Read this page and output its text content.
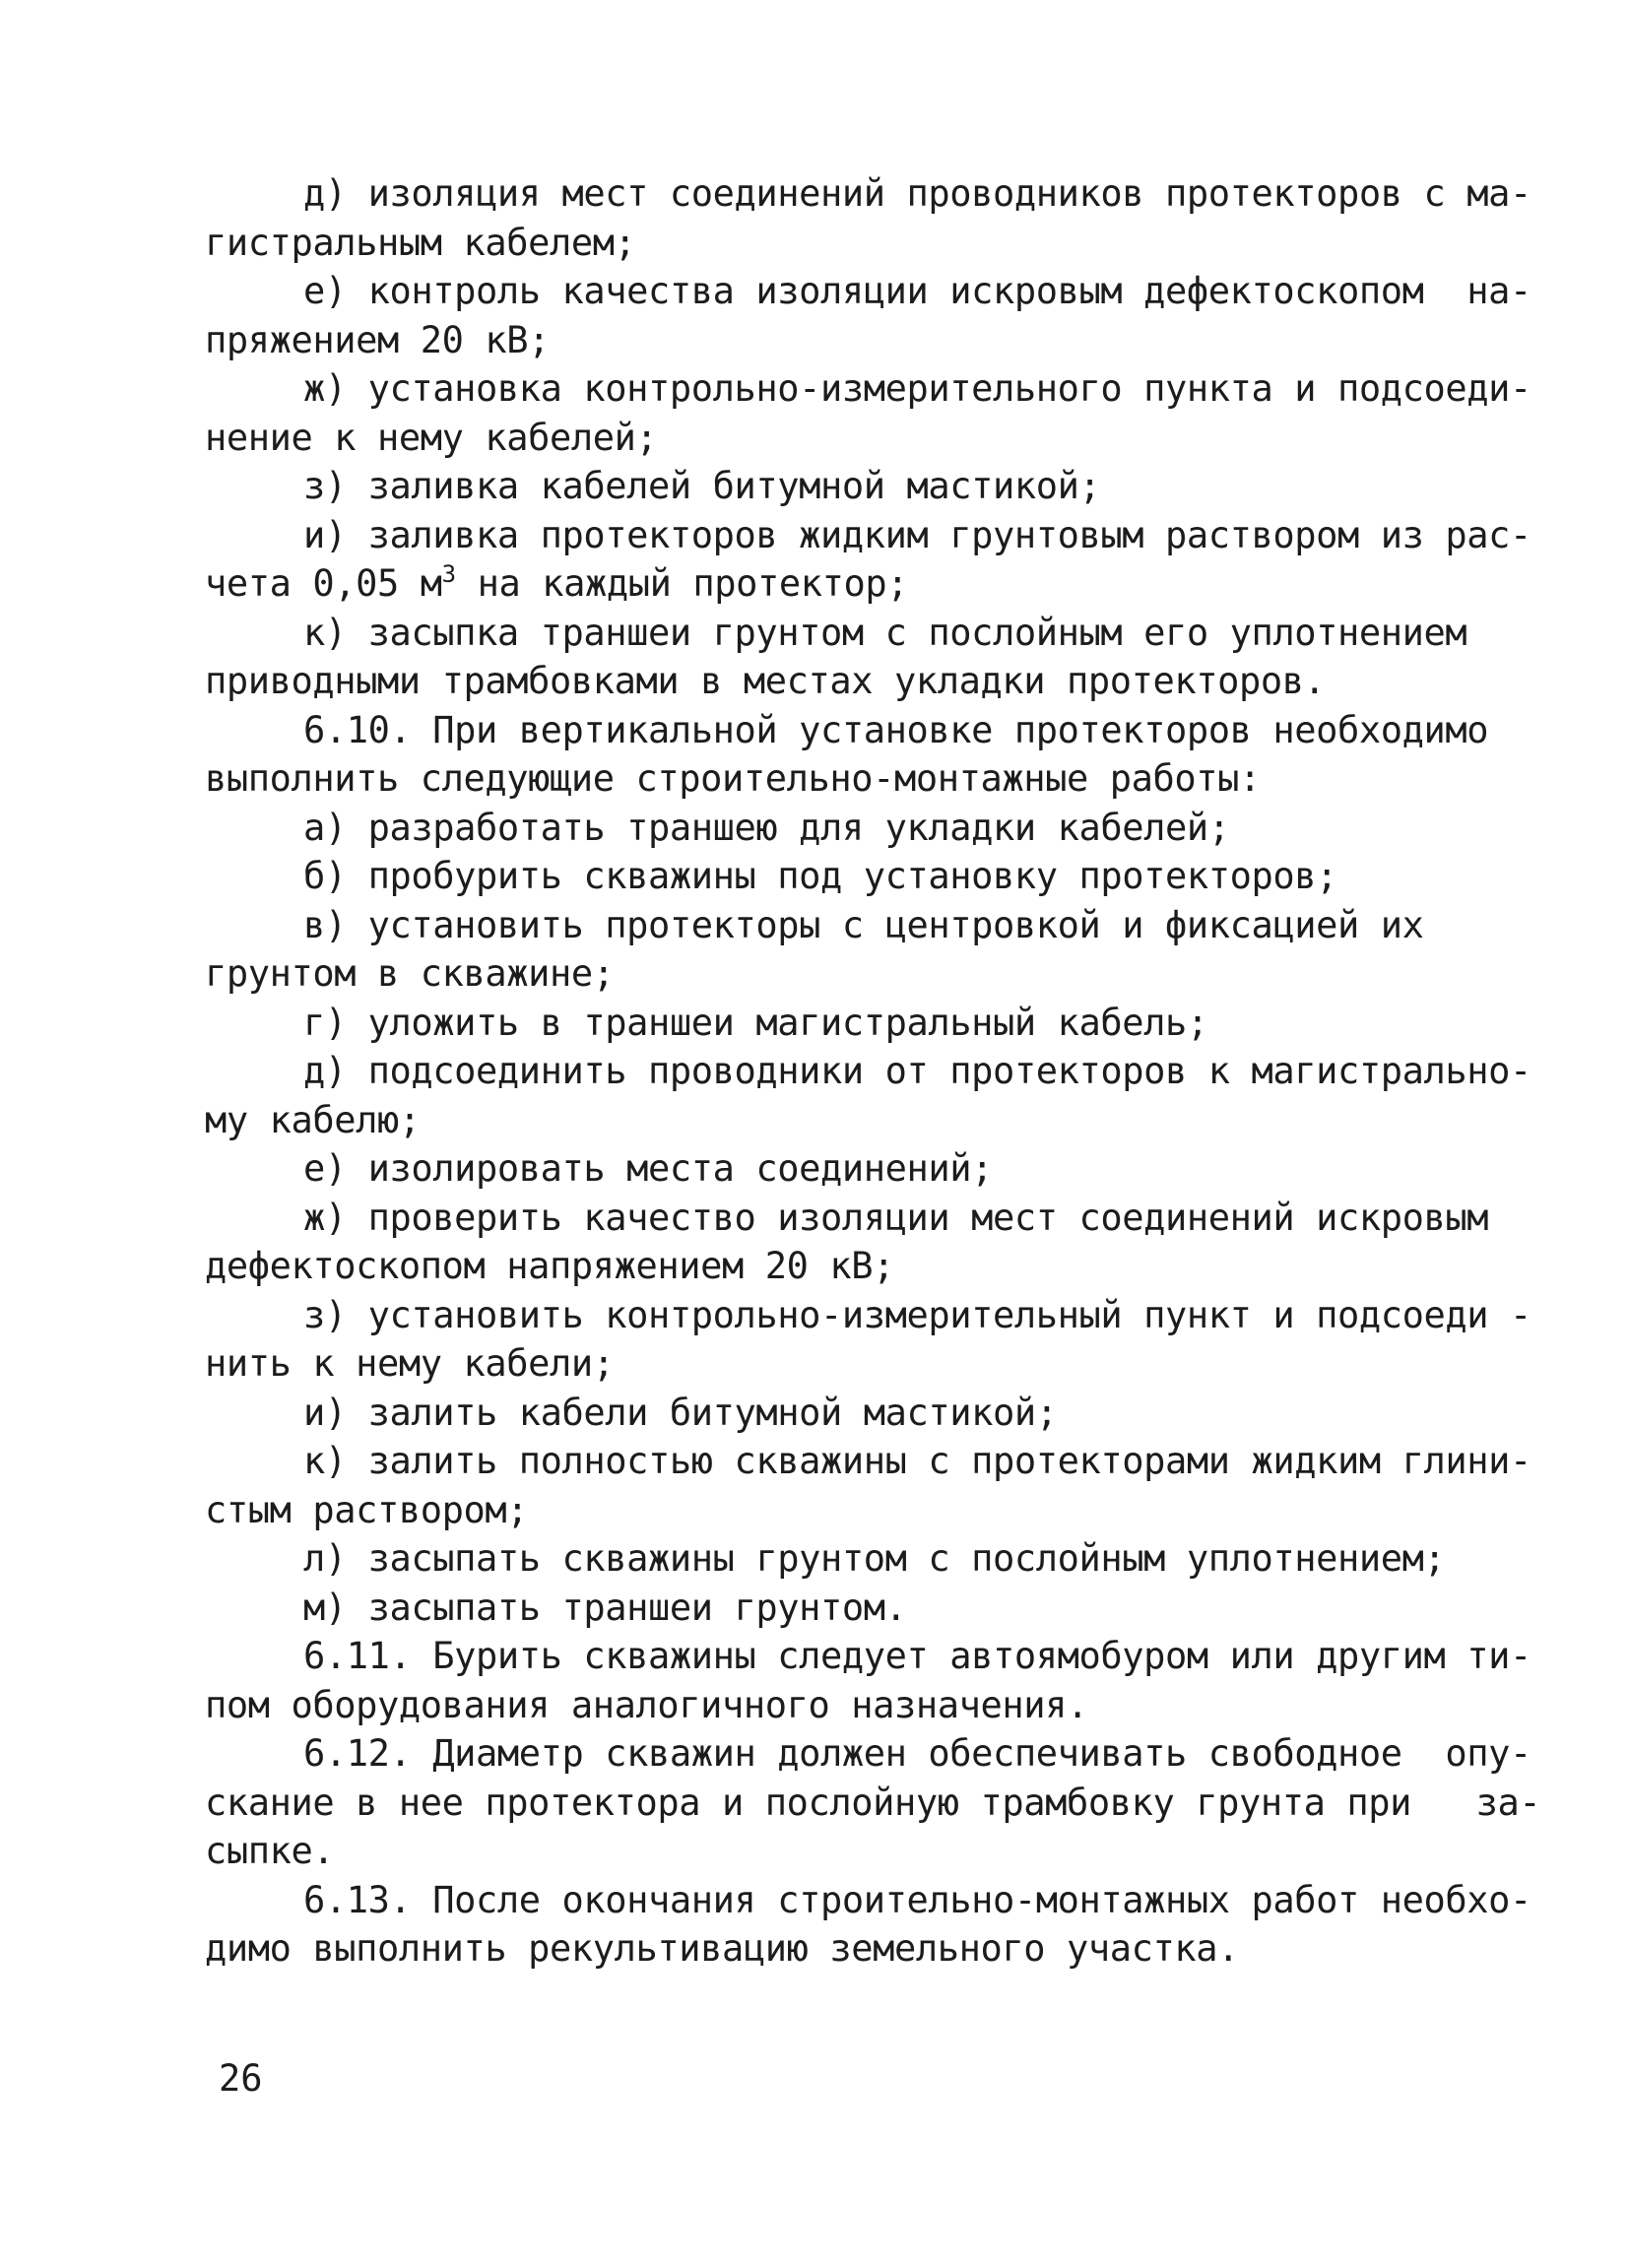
д) изоляция мест соединений проводников протекторов с ма-
гистральным кабелем;
е) контроль качества изоляции искровым дефектоскопом  на-
пряжением 20 кВ;
ж) установка контрольно-измерительного пункта и подсоеди-
нение к нему кабелей;
з) заливка кабелей битумной мастикой;
и) заливка протекторов жидким грунтовым раствором из рас-
чета 0,05 $м^3$ на каждый протектор;
к) засыпка траншеи грунтом с послойным его уплотнением
приводными трамбовками в местах укладки протекторов.
6.10. При вертикальной установке протекторов необходимо
выполнить следующие строительно-монтажные работы:
а) разработать траншею для укладки кабелей;
б) пробурить скважины под установку протекторов;
в) установить протекторы с центровкой и фиксацией их
грунтом в скважине;
г) уложить в траншеи магистральный кабель;
д) подсоединить проводники от протекторов к магистрально-
му кабелю;
е) изолировать места соединений;
ж) проверить качество изоляции мест соединений искровым
дефектоскопом напряжением 20 кВ;
з) установить контрольно-измерительный пункт и подсоеди -
нить к нему кабели;
и) залить кабели битумной мастикой;
к) залить полностью скважины с протекторами жидким глини-
стым раствором;
л) засыпать скважины грунтом с послойным уплотнением;
м) засыпать траншеи грунтом.
6.11. Бурить скважины следует автоямобуром или другим ти-
пом оборудования аналогичного назначения.
6.12. Диаметр скважин должен обеспечивать свободное  опу-
скание в нее протектора и послойную трамбовку грунта при   за-
сыпке.
6.13. После окончания строительно-монтажных работ необхо-
димо выполнить рекультивацию земельного участка.
26
